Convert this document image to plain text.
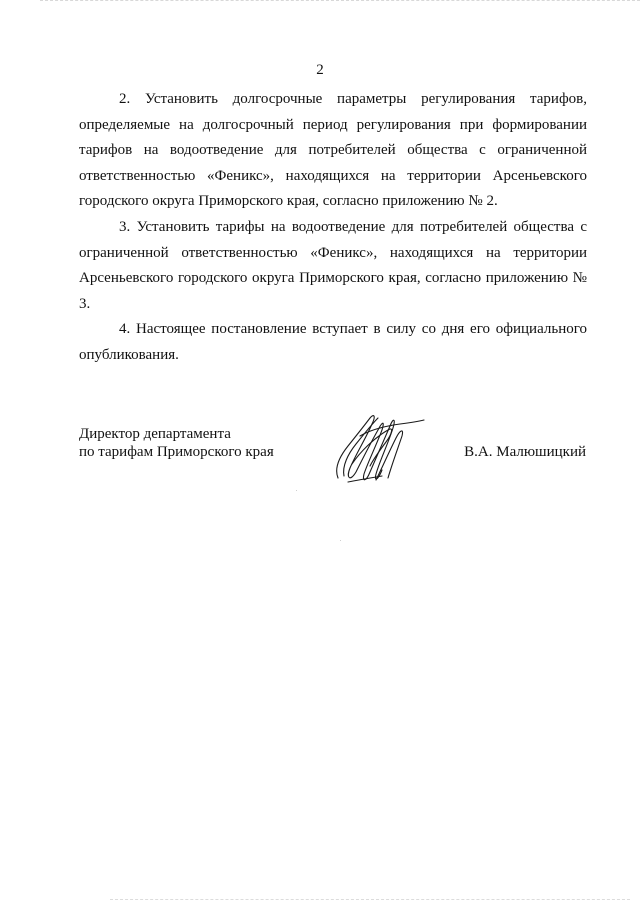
2

2. Установить долгосрочные параметры регулирования тарифов, определяемые на долгосрочный период регулирования при формировании тарифов на водоотведение для потребителей общества с ограниченной ответственностью «Феникс», находящихся на территории Арсеньевского городского округа Приморского края, согласно приложению № 2.

3. Установить тарифы на водоотведение для потребителей общества с ограниченной ответственностью «Феникс», находящихся на территории Арсеньевского городского округа Приморского края, согласно приложению № 3.

4. Настоящее постановление вступает в силу со дня его официального опубликования.

Директор департамента
по тарифам Приморского края	В.А. Малюшицкий
